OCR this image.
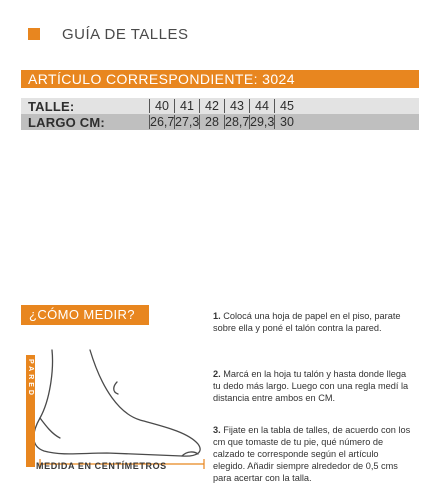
GUÍA DE TALLES
ARTÍCULO CORRESPONDIENTE: 3024
TALLE:	40 41 42 43 44 45
LARGO CM:	26,7 27,3 28 28,7 29,3 30
¿CÓMO MEDIR?
PARED
MEDIDA EN CENTÍMETROS
1. Colocá una hoja de papel en el piso, parate sobre ella y poné el talón contra la pared.
2. Marcá en la hoja tu talón y hasta donde llega tu dedo más largo. Luego con una regla medí la distancia entre ambos en CM.
3. Fijate en la tabla de talles, de acuerdo con los cm que tomaste de tu pie, qué número de calzado te corresponde según el artículo elegido. Añadir siempre alrededor de 0,5 cms para acertar con la talla.
